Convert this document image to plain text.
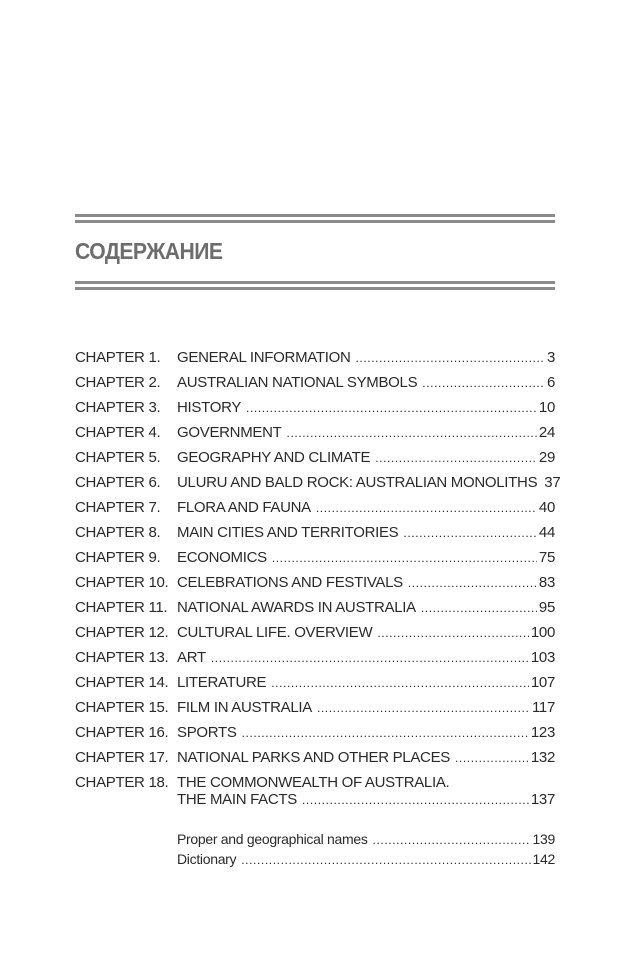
СОДЕРЖАНИЕ
CHAPTER 1. GENERAL INFORMATION .....	3
CHAPTER 2. AUSTRALIAN NATIONAL SYMBOLS .....	6
CHAPTER 3. HISTORY .....	10
CHAPTER 4. GOVERNMENT .....	24
CHAPTER 5. GEOGRAPHY AND CLIMATE .....	29
CHAPTER 6. ULURU AND BALD ROCK: AUSTRALIAN MONOLITHS 37
CHAPTER 7. FLORA AND FAUNA .....	40
CHAPTER 8. MAIN CITIES AND TERRITORIES .....	44
CHAPTER 9. ECONOMICS .....	75
CHAPTER 10. CELEBRATIONS AND FESTIVALS .....	83
CHAPTER 11. NATIONAL AWARDS IN AUSTRALIA .....	95
CHAPTER 12. CULTURAL LIFE. OVERVIEW .....	100
CHAPTER 13. ART .....	103
CHAPTER 14. LITERATURE .....	107
CHAPTER 15. FILM IN AUSTRALIA .....	117
CHAPTER 16. SPORTS .....	123
CHAPTER 17. NATIONAL PARKS AND OTHER PLACES .....	132
CHAPTER 18. THE COMMONWEALTH OF AUSTRALIA.
THE MAIN FACTS .....	137
Proper and geographical names .....	139
Dictionary .....	142
